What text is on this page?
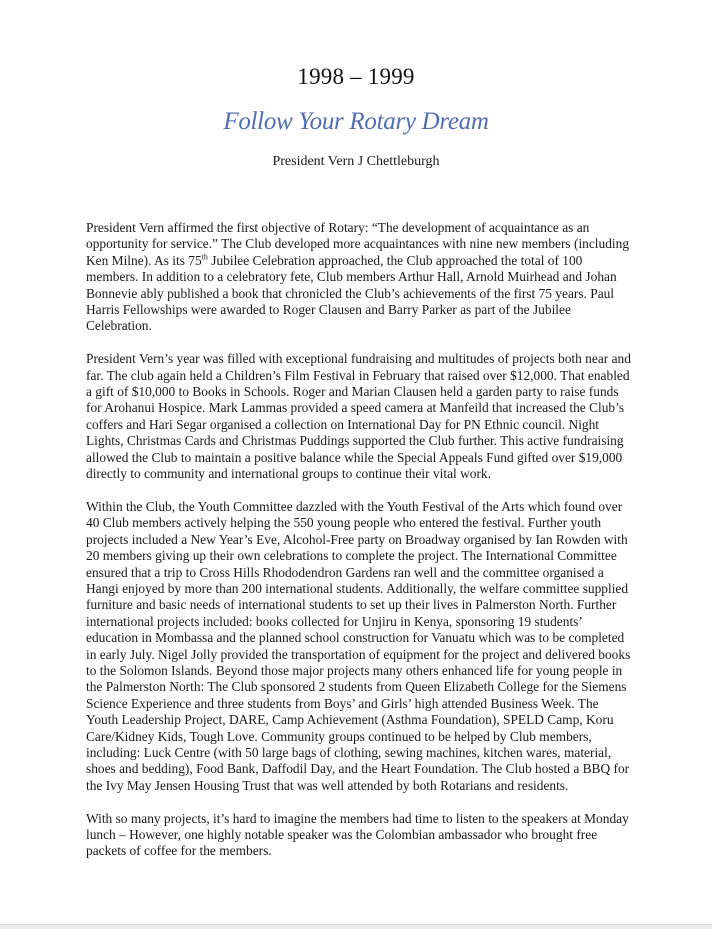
1998 – 1999
Follow Your Rotary Dream
President Vern J Chettleburgh

President Vern affirmed the first objective of Rotary: “The development of acquaintance as an opportunity for service.” The Club developed more acquaintances with nine new members (including Ken Milne). As its 75th Jubilee Celebration approached, the Club approached the total of 100 members. In addition to a celebratory fete, Club members Arthur Hall, Arnold Muirhead and Johan Bonnevie ably published a book that chronicled the Club’s achievements of the first 75 years. Paul Harris Fellowships were awarded to Roger Clausen and Barry Parker as part of the Jubilee Celebration.

President Vern’s year was filled with exceptional fundraising and multitudes of projects both near and far. The club again held a Children’s Film Festival in February that raised over $12,000. That enabled a gift of $10,000 to Books in Schools. Roger and Marian Clausen held a garden party to raise funds for Arohanui Hospice. Mark Lammas provided a speed camera at Manfeild that increased the Club’s coffers and Hari Segar organised a collection on International Day for PN Ethnic council. Night Lights, Christmas Cards and Christmas Puddings supported the Club further. This active fundraising allowed the Club to maintain a positive balance while the Special Appeals Fund gifted over $19,000 directly to community and international groups to continue their vital work.

Within the Club, the Youth Committee dazzled with the Youth Festival of the Arts which found over 40 Club members actively helping the 550 young people who entered the festival. Further youth projects included a New Year’s Eve, Alcohol-Free party on Broadway organised by Ian Rowden with 20 members giving up their own celebrations to complete the project. The International Committee ensured that a trip to Cross Hills Rhododendron Gardens ran well and the committee organised a Hangi enjoyed by more than 200 international students. Additionally, the welfare committee supplied furniture and basic needs of international students to set up their lives in Palmerston North. Further international projects included: books collected for Unjiru in Kenya, sponsoring 19 students’ education in Mombassa and the planned school construction for Vanuatu which was to be completed in early July. Nigel Jolly provided the transportation of equipment for the project and delivered books to the Solomon Islands. Beyond those major projects many others enhanced life for young people in the Palmerston North: The Club sponsored 2 students from Queen Elizabeth College for the Siemens Science Experience and three students from Boys’ and Girls’ high attended Business Week. The Youth Leadership Project, DARE, Camp Achievement (Asthma Foundation), SPELD Camp, Koru Care/Kidney Kids, Tough Love. Community groups continued to be helped by Club members, including: Luck Centre (with 50 large bags of clothing, sewing machines, kitchen wares, material, shoes and bedding), Food Bank, Daffodil Day, and the Heart Foundation. The Club hosted a BBQ for the Ivy May Jensen Housing Trust that was well attended by both Rotarians and residents.

With so many projects, it’s hard to imagine the members had time to listen to the speakers at Monday lunch – However, one highly notable speaker was the Colombian ambassador who brought free packets of coffee for the members.
